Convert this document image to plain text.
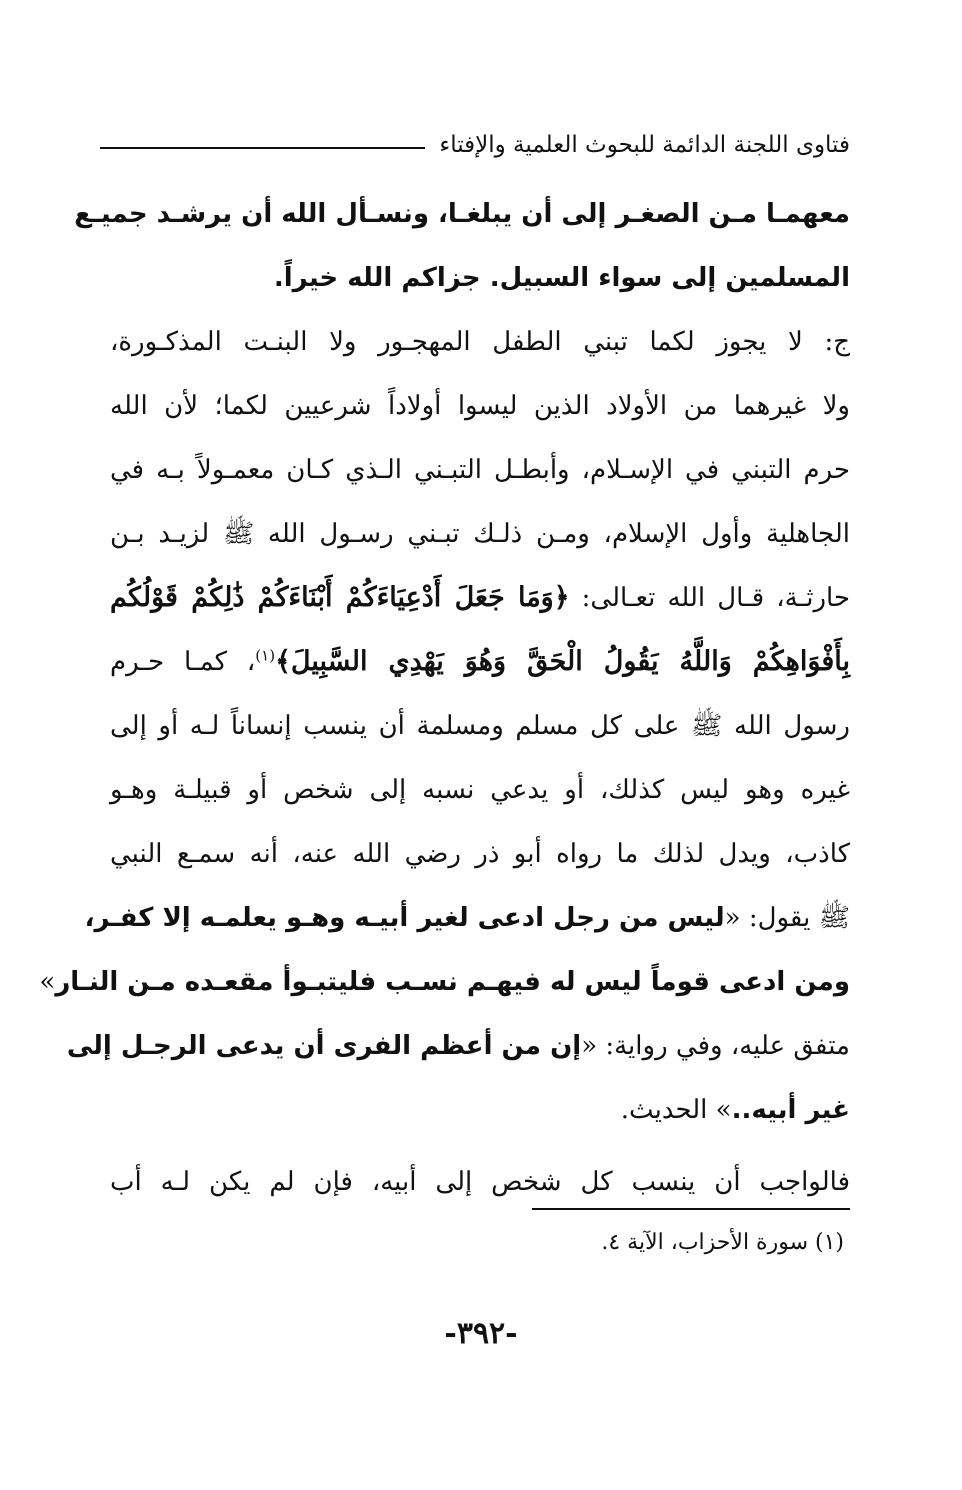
فتاوى اللجنة الدائمة للبحوث العلمية والإفتاء
معهمـا مـن الصغـر إلى أن يبلغـا، ونسـأل الله أن يرشـد جميـع
المسلمين إلى سواء السبيل. جزاكم الله خيراً.
ج: لا يجوز لكما تبني الطفل المهجـور ولا البنـت المذكـورة،
ولا غيرهما من الأولاد الذين ليسوا أولاداً شرعيين لكما؛ لأن الله
حرم التبني في الإسـلام، وأبطـل التبـني الـذي كـان معمـولاً بـه في
الجاهلية وأول الإسلام، ومـن ذلـك تبـني رسـول الله ﷺ لزيـد بـن
حارثـة، قـال الله تعـالى: ﴿وَمَا جَعَلَ أَدْعِيَاءَكُمْ أَبْنَاءَكُمْ ذَٰلِكُمْ قَوْلُكُم
بِأَفْوَاهِكُمْ وَاللَّهُ يَقُولُ الْحَقَّ وَهُوَ يَهْدِي السَّبِيلَ﴾$^{(١)}$، كمـا حـرم
رسول الله ﷺ على كل مسلم ومسلمة أن ينسب إنساناً لـه أو إلى
غيره وهو ليس كذلك، أو يدعي نسبه إلى شخص أو قبيلـة وهـو
كاذب، ويدل لذلك ما رواه أبو ذر رضي الله عنه، أنه سمـع النبي
ﷺ يقول: «ليس من رجل ادعى لغير أبيـه وهـو يعلمـه إلا كفـر،
ومن ادعى قوماً ليس له فيهـم نسـب فليتبـوأ مقعـده مـن النـار»
متفق عليه، وفي رواية: «إن من أعظم الفرى أن يدعى الرجـل إلى
غير أبيه..» الحديث.
فالواجب أن ينسب كل شخص إلى أبيه، فإن لم يكن لـه أب
(١) سورة الأحزاب، الآية ٤.
-٣٩٢-
